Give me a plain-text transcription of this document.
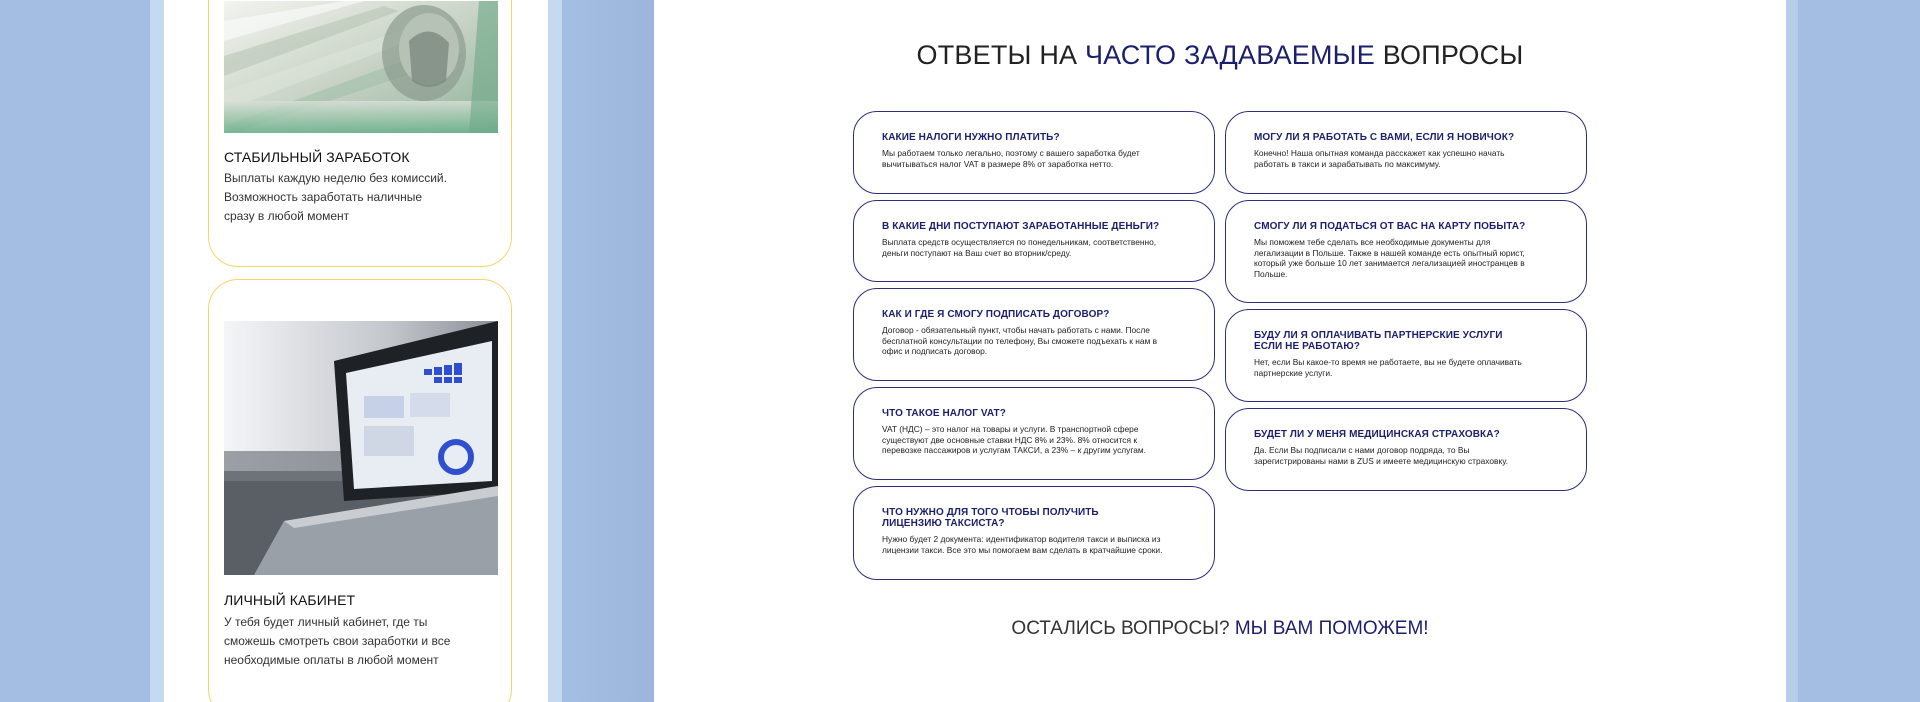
СТАБИЛЬНЫЙ ЗАРАБОТОК
Выплаты каждую неделю без комиссий.
Возможность заработать наличные
сразу в любой момент
ЛИЧНЫЙ КАБИНЕТ
У тебя будет личный кабинет, где ты
сможешь смотреть свои заработки и все
необходимые оплаты в любой момент
ОТВЕТЫ НА ЧАСТО ЗАДАВАЕМЫЕ ВОПРОСЫ
КАКИЕ НАЛОГИ НУЖНО ПЛАТИТЬ?
Мы работаем только легально, поэтому с вашего заработка будет
вычитываться налог VAT в размере 8% от заработка нетто.
В КАКИЕ ДНИ ПОСТУПАЮТ ЗАРАБОТАННЫЕ ДЕНЬГИ?
Выплата средств осуществляется по понедельникам, соответственно,
деньги поступают на Ваш счет во вторник/среду.
КАК И ГДЕ Я СМОГУ ПОДПИСАТЬ ДОГОВОР?
Договор - обязательный пункт, чтобы начать работать с нами. После
бесплатной консультации по телефону, Вы сможете подъехать к нам в
офис и подписать договор.
ЧТО ТАКОЕ НАЛОГ VAT?
VAT (НДС) – это налог на товары и услуги. В транспортной сфере
существуют две основные ставки НДС 8% и 23%. 8% относится к
перевозке пассажиров и услугам ТАКСИ, а 23% – к другим услугам.
ЧТО НУЖНО ДЛЯ ТОГО ЧТОБЫ ПОЛУЧИТЬ
ЛИЦЕНЗИЮ ТАКСИСТА?
Нужно будет 2 документа: идентификатор водителя такси и выписка из
лицензии такси. Все это мы помогаем вам сделать в кратчайшие сроки.
МОГУ ЛИ Я РАБОТАТЬ С ВАМИ, ЕСЛИ Я НОВИЧОК?
Конечно! Наша опытная команда расскажет как успешно начать
работать в такси и зарабатывать по максимуму.
СМОГУ ЛИ Я ПОДАТЬСЯ ОТ ВАС НА КАРТУ ПОБЫТА?
Мы поможем тебе сделать все необходимые документы для
легализации в Польше. Также в нашей команде есть опытный юрист,
который уже больше 10 лет занимается легализацией иностранцев в
Польше.
БУДУ ЛИ Я ОПЛАЧИВАТЬ ПАРТНЕРСКИЕ УСЛУГИ
ЕСЛИ НЕ РАБОТАЮ?
Нет, если Вы какое-то время не работаете, вы не будете оплачивать
партнерские услуги.
БУДЕТ ЛИ У МЕНЯ МЕДИЦИНСКАЯ СТРАХОВКА?
Да. Если Вы подписали с нами договор подряда, то Вы
зарегистрированы нами в ZUS и имеете медицинскую страховку.
ОСТАЛИСЬ ВОПРОСЫ? МЫ ВАМ ПОМОЖЕМ!
